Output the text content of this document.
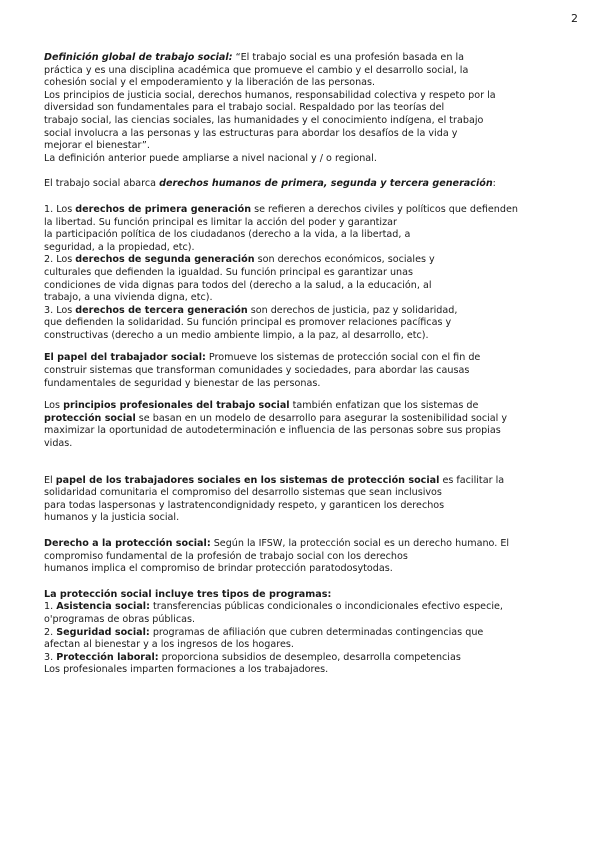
2
Definición global de trabajo social: “El trabajo social es una profesión basada en la
práctica y es una disciplina académica que promueve el cambio y el desarrollo social, la
cohesión social y el empoderamiento y la liberación de las personas.
Los principios de justicia social, derechos humanos, responsabilidad colectiva y respeto por la
diversidad son fundamentales para el trabajo social. Respaldado por las teorías del
trabajo social, las ciencias sociales, las humanidades y el conocimiento indígena, el trabajo
social involucra a las personas y las estructuras para abordar los desafíos de la vida y
mejorar el bienestar”.
La definición anterior puede ampliarse a nivel nacional y / o regional.
El trabajo social abarca derechos humanos de primera, segunda y tercera generación:
1. Los derechos de primera generación se refieren a derechos civiles y políticos que defienden
la libertad. Su función principal es limitar la acción del poder y garantizar
la participación política de los ciudadanos (derecho a la vida, a la libertad, a
seguridad, a la propiedad, etc).
2. Los derechos de segunda generación son derechos económicos, sociales y
culturales que defienden la igualdad. Su función principal es garantizar unas
condiciones de vida dignas para todos del (derecho a la salud, a la educación, al
trabajo, a una vivienda digna, etc).
3. Los derechos de tercera generación son derechos de justicia, paz y solidaridad,
que defienden la solidaridad. Su función principal es promover relaciones pacíficas y
constructivas (derecho a un medio ambiente limpio, a la paz, al desarrollo, etc).
El papel del trabajador social: Promueve los sistemas de protección social con el fin de
construir sistemas que transforman comunidades y sociedades, para abordar las causas
fundamentales de seguridad y bienestar de las personas.
Los principios profesionales del trabajo social también enfatizan que los sistemas de
protección social se basan en un modelo de desarrollo para asegurar la sostenibilidad social y
maximizar la oportunidad de autodeterminación e influencia de las personas sobre sus propias
vidas.
El papel de los trabajadores sociales en los sistemas de protección social es facilitar la
solidaridad comunitaria el compromiso del desarrollo sistemas que sean inclusivos
para todas laspersonas y lastratencondignidady respeto, y garanticen los derechos
humanos y la justicia social.
Derecho a la protección social: Según la IFSW, la protección social es un derecho humano. El
compromiso fundamental de la profesión de trabajo social con los derechos
humanos implica el compromiso de brindar protección paratodosytodas.
La protección social incluye tres tipos de programas:
1. Asistencia social: transferencias públicas condicionales o incondicionales efectivo especie,
o'programas de obras públicas.
2. Seguridad social: programas de afiliación que cubren determinadas contingencias que
afectan al bienestar y a los ingresos de los hogares.
3. Protección laboral: proporciona subsidios de desempleo, desarrolla competencias
Los profesionales imparten formaciones a los trabajadores.
